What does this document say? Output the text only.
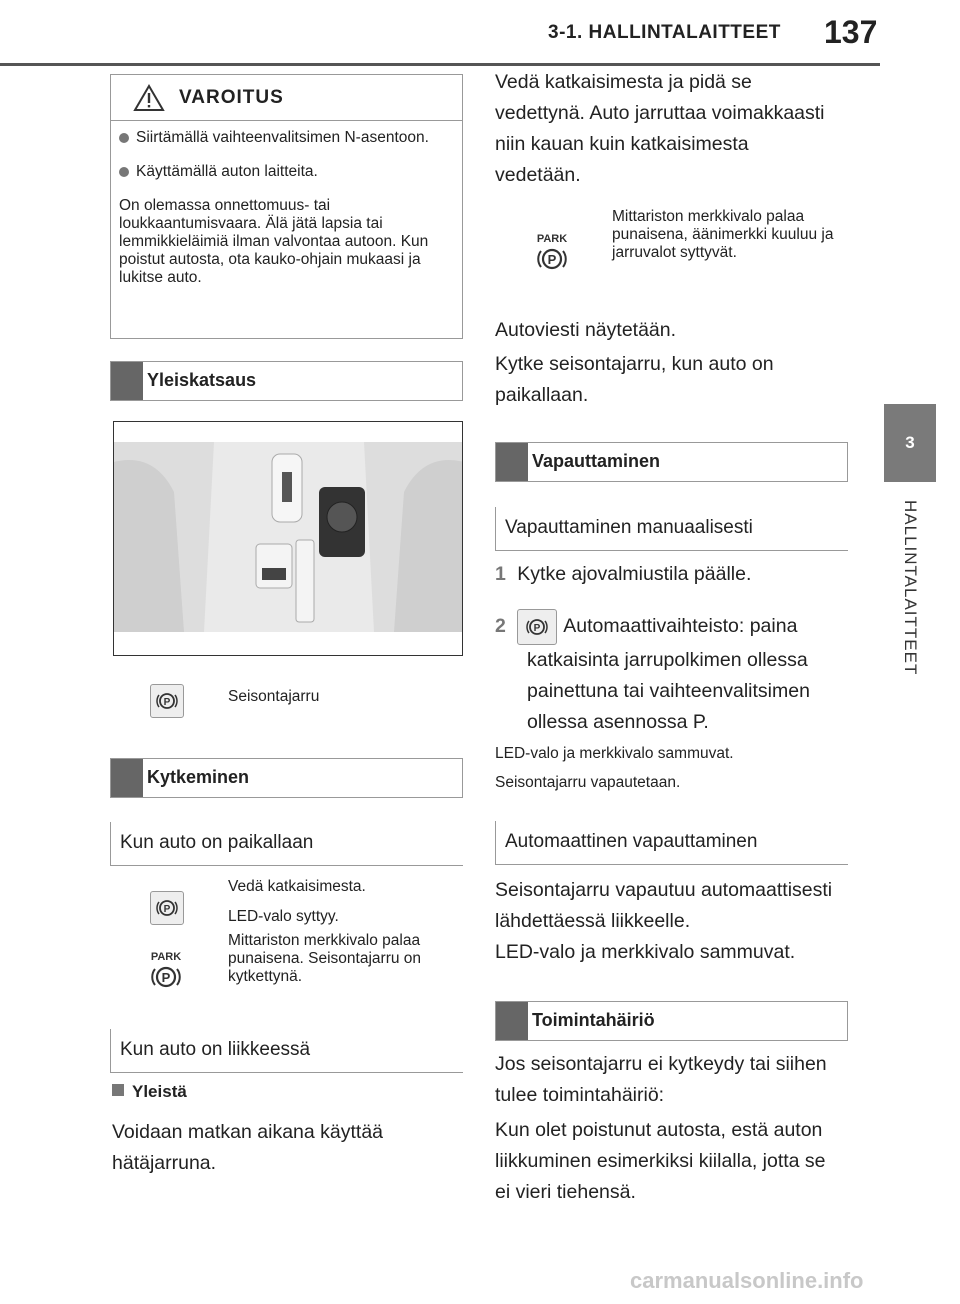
3-1. HALLINTALAITTEET 137
3
HALLINTALAITTEET
VAROITUS
Siirtämällä vaihteenvalitsimen N-asentoon.
Käyttämällä auton laitteita.
On olemassa onnettomuus- tai loukkaantumisvaara. Älä jätä lapsia tai lemmikkieläimiä ilman valvontaa autoon. Kun poistut autosta, ota kauko-ohjain mukaasi ja lukitse auto.
Yleiskatsaus
P	Seisontajarru
Kytkeminen
Kun auto on paikallaan
P
Vedä katkaisimesta.
LED-valo syttyy.
Mittariston merkkivalo palaa punaisena. Seisontajarru on kytkettynä.
PARK
P
Kun auto on liikkeessä
Yleistä
Voidaan matkan aikana käyttää hätäjarruna.
Vedä katkaisimesta ja pidä se vedettynä. Auto jarruttaa voimakkaasti niin kauan kuin katkaisimesta vedetään.
PARK
P
Mittariston merkkivalo palaa punaisena, äänimerkki kuuluu ja jarruvalot syttyvät.
Autoviesti näytetään.
Kytke seisontajarru, kun auto on paikallaan.
Vapauttaminen
Vapauttaminen manuaalisesti
1 Kytke ajovalmiustila päälle.
2	P Automaattivaihteisto: paina
katkaisinta jarrupolkimen ollessa painettuna tai vaihteenvalitsimen ollessa asennossa P.
LED-valo ja merkkivalo sammuvat.
Seisontajarru vapautetaan.
Automaattinen vapauttaminen
Seisontajarru vapautuu automaattisesti lähdettäessä liikkeelle.
LED-valo ja merkkivalo sammuvat.
Toimintahäiriö
Jos seisontajarru ei kytkeydy tai siihen tulee toimintahäiriö:
Kun olet poistunut autosta, estä auton liikkuminen esimerkiksi kiilalla, jotta se ei vieri tiehensä.
carmanualsonline.info
